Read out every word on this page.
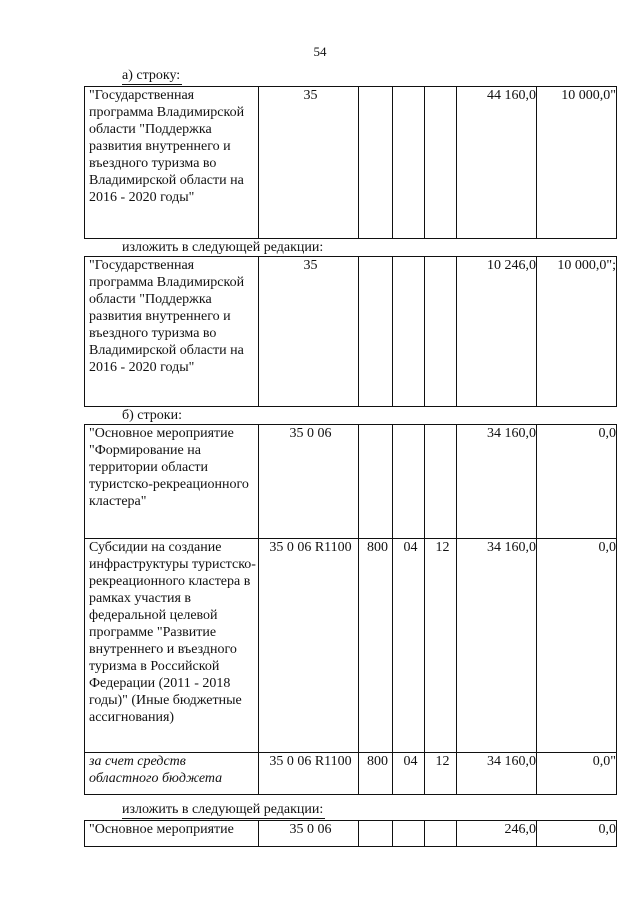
54
а) строку:
"Государственная программа Владимирской области "Поддержка развития внутреннего и въездного туризма во Владимирской области на 2016 - 2020 годы"	35				44 160,0	10 000,0"
изложить в следующей редакции:
"Государственная программа Владимирской области "Поддержка развития внутреннего и въездного туризма во Владимирской области на 2016 - 2020 годы"	35				10 246,0	10 000,0";
б) строки:
"Основное мероприятие "Формирование на территории области туристско-рекреационного кластера"	35 0 06				34 160,0	0,0
Субсидии на создание инфраструктуры туристско-рекреационного кластера в рамках участия в федеральной целевой программе "Развитие внутреннего и въездного туризма в Российской Федерации (2011 - 2018 годы)" (Иные бюджетные ассигнования)	35 0 06 R1100	800	04	12	34 160,0	0,0
за счет средств областного бюджета	35 0 06 R1100	800	04	12	34 160,0	0,0"
изложить в следующей редакции:
"Основное мероприятие	35 0 06				246,0	0,0
